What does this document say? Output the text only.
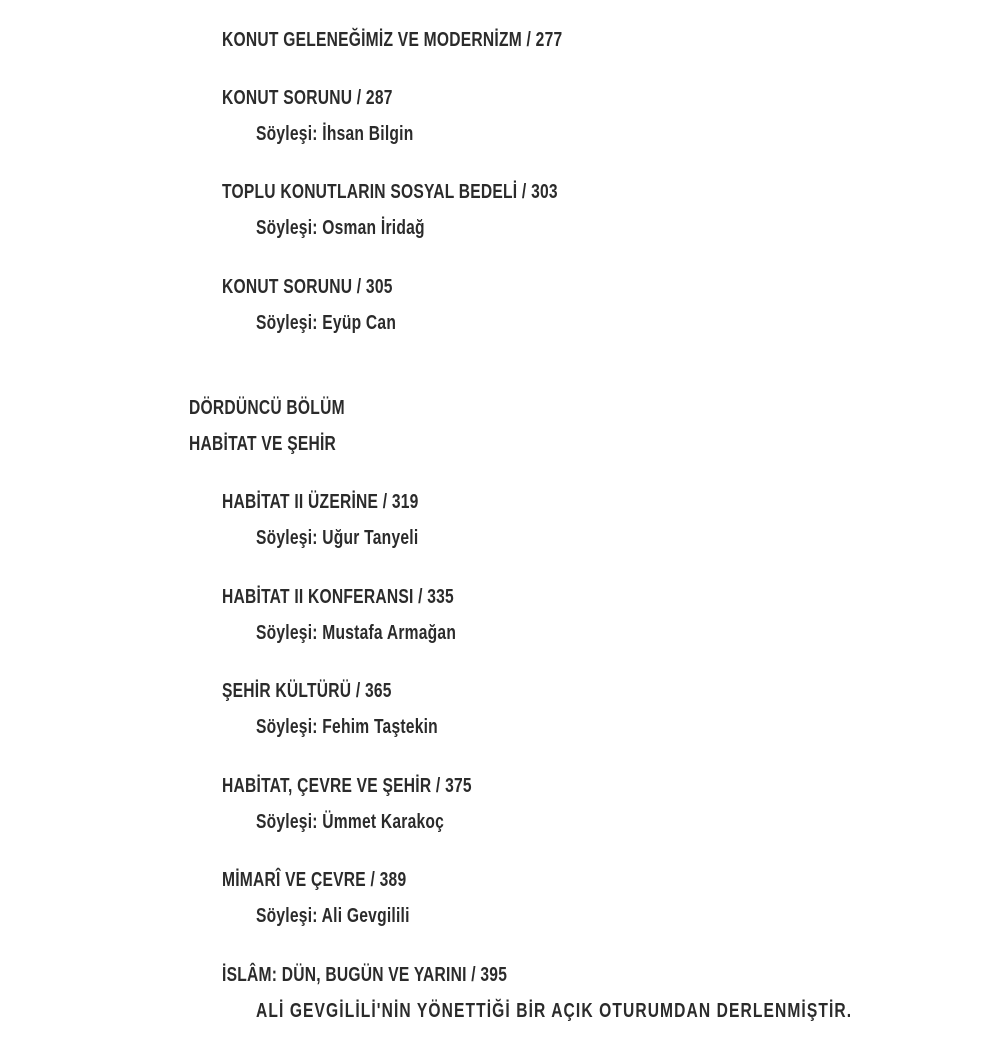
KONUT GELENEĞİMİZ VE MODERNİZM / 277
KONUT SORUNU / 287
Söyleşi: İhsan Bilgin
TOPLU KONUTLARIN SOSYAL BEDELİ / 303
Söyleşi: Osman İridağ
KONUT SORUNU / 305
Söyleşi: Eyüp Can
DÖRDÜNCÜ BÖLÜM
HABİTAT VE ŞEHİR
HABİTAT II ÜZERİNE / 319
Söyleşi: Uğur Tanyeli
HABİTAT II KONFERANSI / 335
Söyleşi: Mustafa Armağan
ŞEHİR KÜLTÜRÜ / 365
Söyleşi: Fehim Taştekin
HABİTAT, ÇEVRE VE ŞEHİR / 375
Söyleşi: Ümmet Karakoç
MİMARÎ VE ÇEVRE / 389
Söyleşi: Ali Gevgilili
İSLÂM: DÜN, BUGÜN VE YARINI / 395
ALİ GEVGİLİLİ'NİN YÖNETTİĞİ BİR AÇIK OTURUMDAN DERLENMİŞTİR.
